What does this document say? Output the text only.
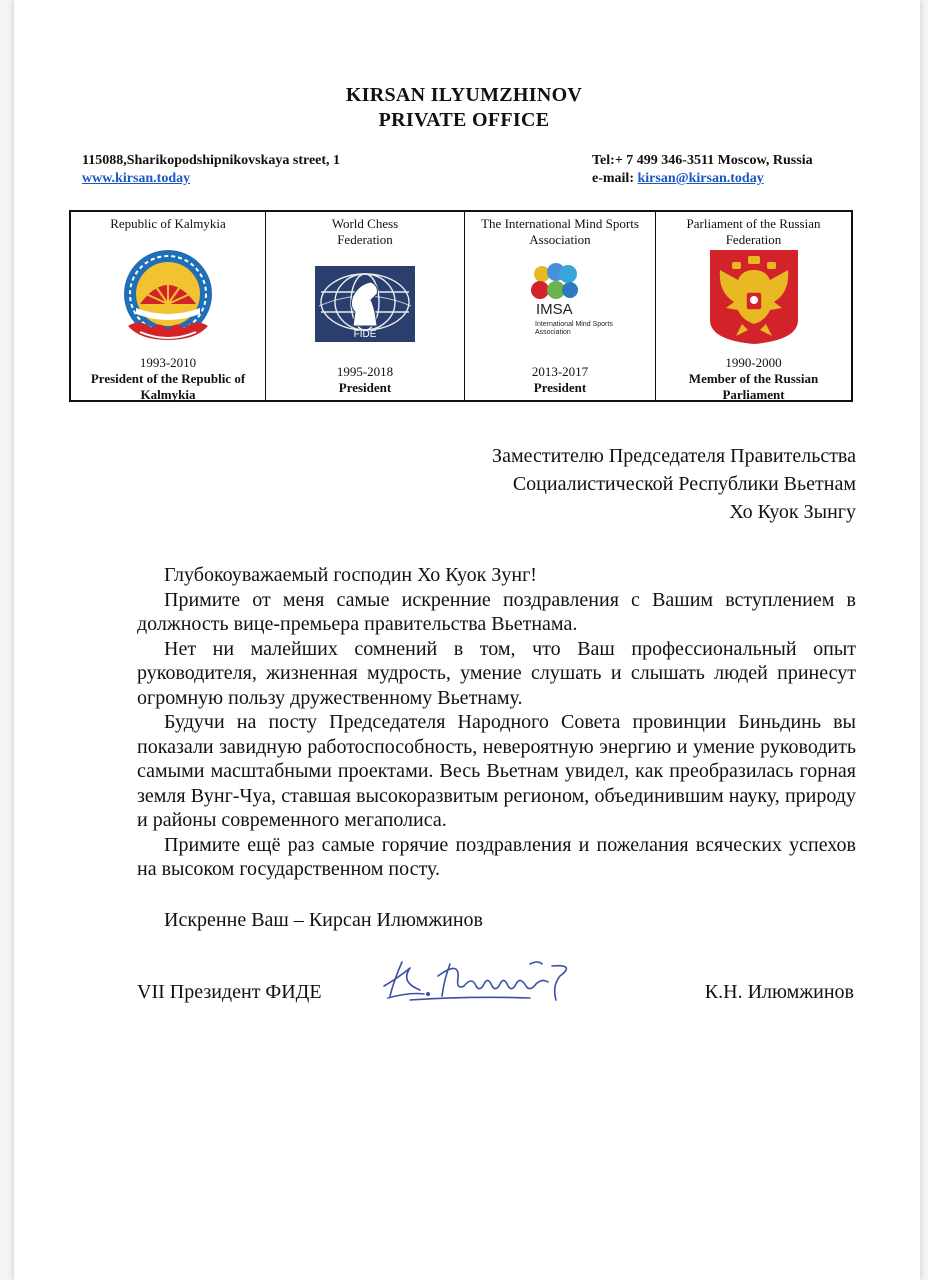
KIRSAN ILYUMZHINOV
PRIVATE OFFICE
115088,Sharikopodshipnikovskaya street, 1
www.kirsan.today
Tel:+ 7 499 346-3511 Moscow, Russia
e-mail: kirsan@kirsan.today
Republic of Kalmykia
1993-2010
President of the Republic of Kalmykia
World Chess Federation
FIDE
1995-2018
President
The International Mind Sports Association
IMSA
International Mind Sports Association
2013-2017
President
Parliament of the Russian Federation
1990-2000
Member of the Russian Parliament
Заместителю Председателя Правительства
Социалистической Республики Вьетнам
Хо Куок Зынгу

Глубокоуважаемый господин Хо Куок Зунг!

Примите от меня самые искренние поздравления с Вашим вступлением в должность вице-премьера правительства Вьетнама.

Нет ни малейших сомнений в том, что Ваш профессиональный опыт руководителя, жизненная мудрость, умение слушать и слышать людей принесут огромную пользу дружественному Вьетнаму.

Будучи на посту Председателя Народного Совета провинции Биньдинь вы показали завидную работоспособность, невероятную энергию и умение руководить самыми масштабными проектами. Весь Вьетнам увидел, как преобразилась горная земля Вунг-Чуа, ставшая высокоразвитым регионом, объединившим науку, природу и районы современного мегаполиса.

Примите ещё раз самые горячие поздравления и пожелания всяческих успехов на высоком государственном посту.

Искренне Ваш – Кирсан Илюмжинов
VII Президент ФИДЕ	К.Н. Илюмжинов
